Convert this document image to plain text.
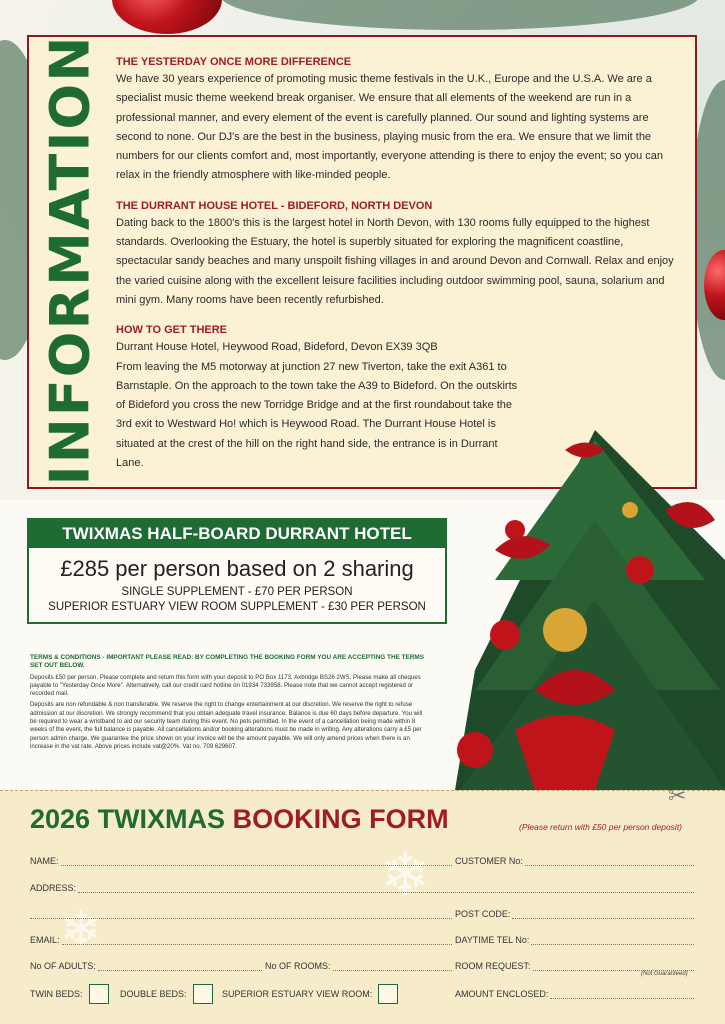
❄
❄
INFORMATION THE YESTERDAY ONCE MORE DIFFERENCE
We have 30 years experience of promoting music theme festivals in the U.K., Europe and the U.S.A. We are a specialist music theme weekend break organiser. We ensure that all elements of the weekend are run in a professional manner, and every element of the event is carefully planned. Our sound and lighting systems are second to none. Our DJ's are the best in the business, playing music from the era. We ensure that we limit the numbers for our clients comfort and, most importantly, everyone attending is there to enjoy the event; so you can relax in the friendly atmosphere with like-minded people.
THE DURRANT HOUSE HOTEL - BIDEFORD, NORTH DEVON
Dating back to the 1800's this is the largest hotel in North Devon, with 130 rooms fully equipped to the highest standards. Overlooking the Estuary, the hotel is superbly situated for exploring the magnificent coastline, spectacular sandy beaches and many unspoilt fishing villages in and around Devon and Cornwall. Relax and enjoy the varied cuisine along with the excellent leisure facilities including outdoor swimming pool, sauna, solarium and mini gym. Many rooms have been recently refurbished.
HOW TO GET THERE
Durrant House Hotel, Heywood Road, Bideford, Devon EX39 3QB
From leaving the M5 motorway at junction 27 new Tiverton, take the exit A361 to Barnstaple. On the approach to the town take the A39 to Bideford. On the outskirts of Bideford you cross the new Torridge Bridge and at the first roundabout take the 3rd exit to Westward Ho! which is Heywood Road. The Durrant House Hotel is situated at the crest of the hill on the right hand side, the entrance is in Durrant Lane.
TWIXMAS HALF-BOARD DURRANT HOTEL
£285 per person based on 2 sharing
SINGLE SUPPLEMENT - £70 PER PERSON
SUPERIOR ESTUARY VIEW ROOM SUPPLEMENT - £30 PER PERSON
TERMS & CONDITIONS - IMPORTANT PLEASE READ: BY COMPLETING THE BOOKING FORM YOU ARE ACCEPTING THE TERMS SET OUT BELOW.

Deposits £50 per person. Please complete and return this form with your deposit to PO Box 1173, Axbridge BS26 2WS. Please make all cheques payable to "Yesterday Once More". Alternatively, call our credit card hotline on 01934 733958. Please note that we cannot accept registered or recorded mail.

Deposits are non refundable & non transferable. We reserve the right to change entertainment at our discretion. We reserve the right to refuse admission at our discretion. We strongly recommend that you obtain adequate travel insurance. Balance is due 60 days before departure. You will be required to wear a wristband to aid our security team during this event. No pets permitted. In the event of a cancellation being made within 8 weeks of the event, the full balance is payable. All cancellations and/or booking alterations must be made in writing. Any alterations carry a £5 per person admin charge. We guarantee the price shown on your invoice will be the amount payable. We will only amend prices when there is an increase in the vat rate. Above prices include vat@20%. Vat no. 709 629607.

✂
2026 TWIXMAS BOOKING FORM	(Please return with £50 per person deposit)
NAME:	CUSTOMER No:
ADDRESS:
POST CODE:
EMAIL:	DAYTIME TEL No:
No OF ADULTS:	No OF ROOMS:	ROOM REQUEST:
(Not Guaranteed)
TWIN BEDS:	DOUBLE BEDS:	SUPERIOR ESTUARY VIEW ROOM:	AMOUNT ENCLOSED:
